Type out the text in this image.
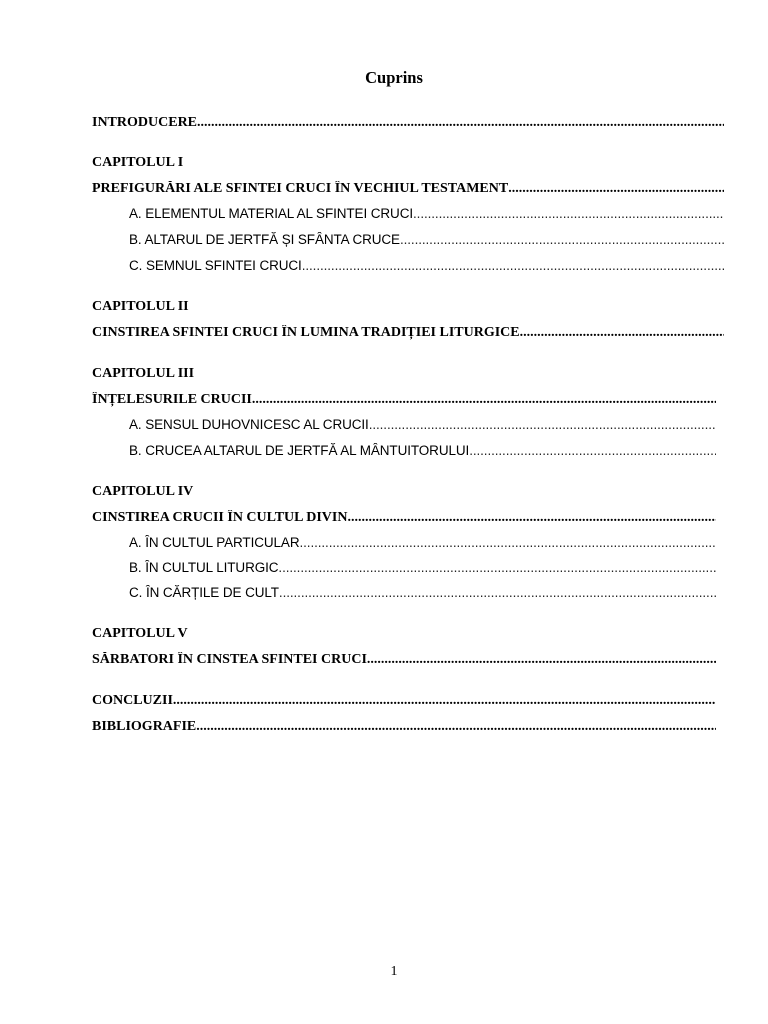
Cuprins
INTRODUCERE
.....
CAPITOLUL I
PREFIGURĂRI ALE SFINTEI CRUCI ÎN VECHIUL TESTAMENT
.....
A. ELEMENTUL MATERIAL AL SFINTEI CRUCI
.....
B. ALTARUL DE JERTFĂ ȘI SFÂNTA CRUCE
.....
C. SEMNUL SFINTEI CRUCI
.....
CAPITOLUL II
CINSTIREA SFINTEI CRUCI ÎN LUMINA TRADIȚIEI LITURGICE
.....
CAPITOLUL III
ÎNȚELESURILE CRUCII
.....
A. SENSUL DUHOVNICESC AL CRUCII
.....
B. CRUCEA ALTARUL DE JERTFĂ AL MÂNTUITORULUI
.....
CAPITOLUL IV
CINSTIREA CRUCII ÎN CULTUL DIVIN
.....
A. ÎN CULTUL PARTICULAR
.....
B. ÎN CULTUL LITURGIC
.....
C. ÎN CĂRȚILE DE CULT
.....
CAPITOLUL V
SĂRBATORI ÎN CINSTEA SFINTEI CRUCI
.....
CONCLUZII
.....
BIBLIOGRAFIE
.....
1
